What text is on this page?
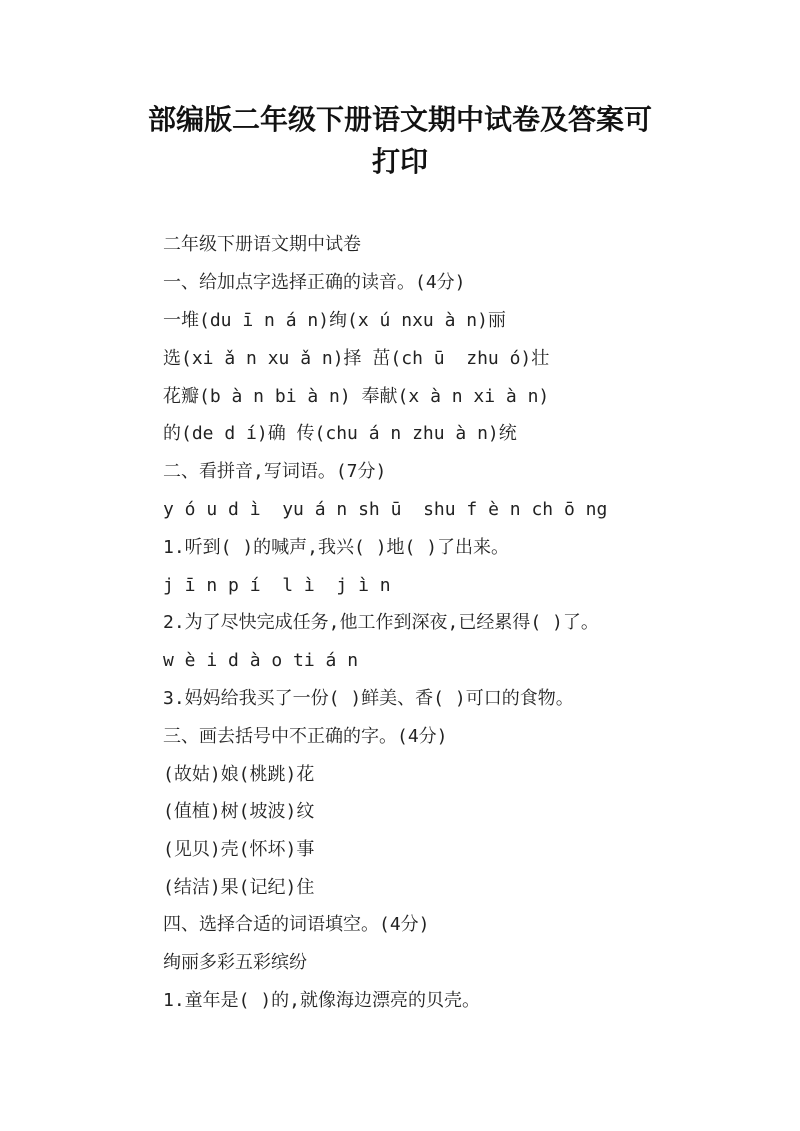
部编版二年级下册语文期中试卷及答案可
打印
二年级下册语文期中试卷
一、给加点字选择正确的读音。(4分)
一堆(du ī n á n)绚(x ú nxu à n)丽
选(xi ǎ n xu ǎ n)择 茁(ch ū  zhu ó)壮
花瓣(b à n bi à n) 奉献(x à n xi à n)
的(de d í)确 传(chu á n zhu à n)统
二、看拼音,写词语。(7分)
y ó u d ì  yu á n sh ū  shu f è n ch ō ng
1.听到( )的喊声,我兴( )地( )了出来。
j ī n p í  l ì  j ì n
2.为了尽快完成任务,他工作到深夜,已经累得( )了。
w è i d à o ti á n
3.妈妈给我买了一份( )鲜美、香( )可口的食物。
三、画去括号中不正确的字。(4分)
(故姑)娘(桃跳)花
(值植)树(坡波)纹
(见贝)壳(怀坏)事
(结洁)果(记纪)住
四、选择合适的词语填空。(4分)
绚丽多彩五彩缤纷
1.童年是( )的,就像海边漂亮的贝壳。
